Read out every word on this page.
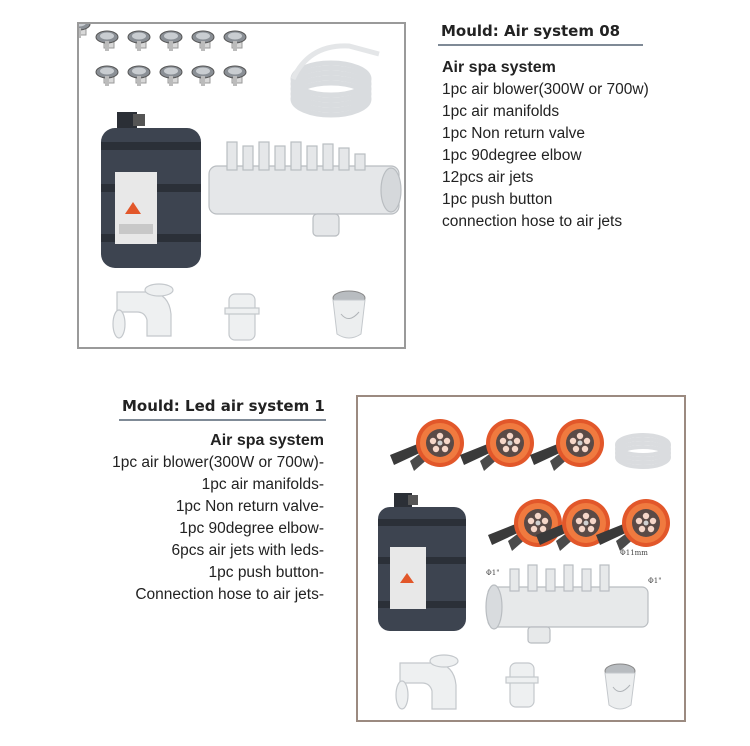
Mould: Air system 08
Air spa system
1pc air blower(300W or 700w)
1pc air manifolds
1pc Non return valve
1pc 90degree elbow
12pcs air jets
1pc push button
connection hose to air jets
Mould: Led air system 1
Air spa system
1pc air blower(300W or 700w)-
1pc air manifolds-
1pc Non return valve-
1pc 90degree elbow-
6pcs air jets with leds-
1pc push button-
Connection hose to air jets-
Φ1"
Φ11mm
Φ1"
